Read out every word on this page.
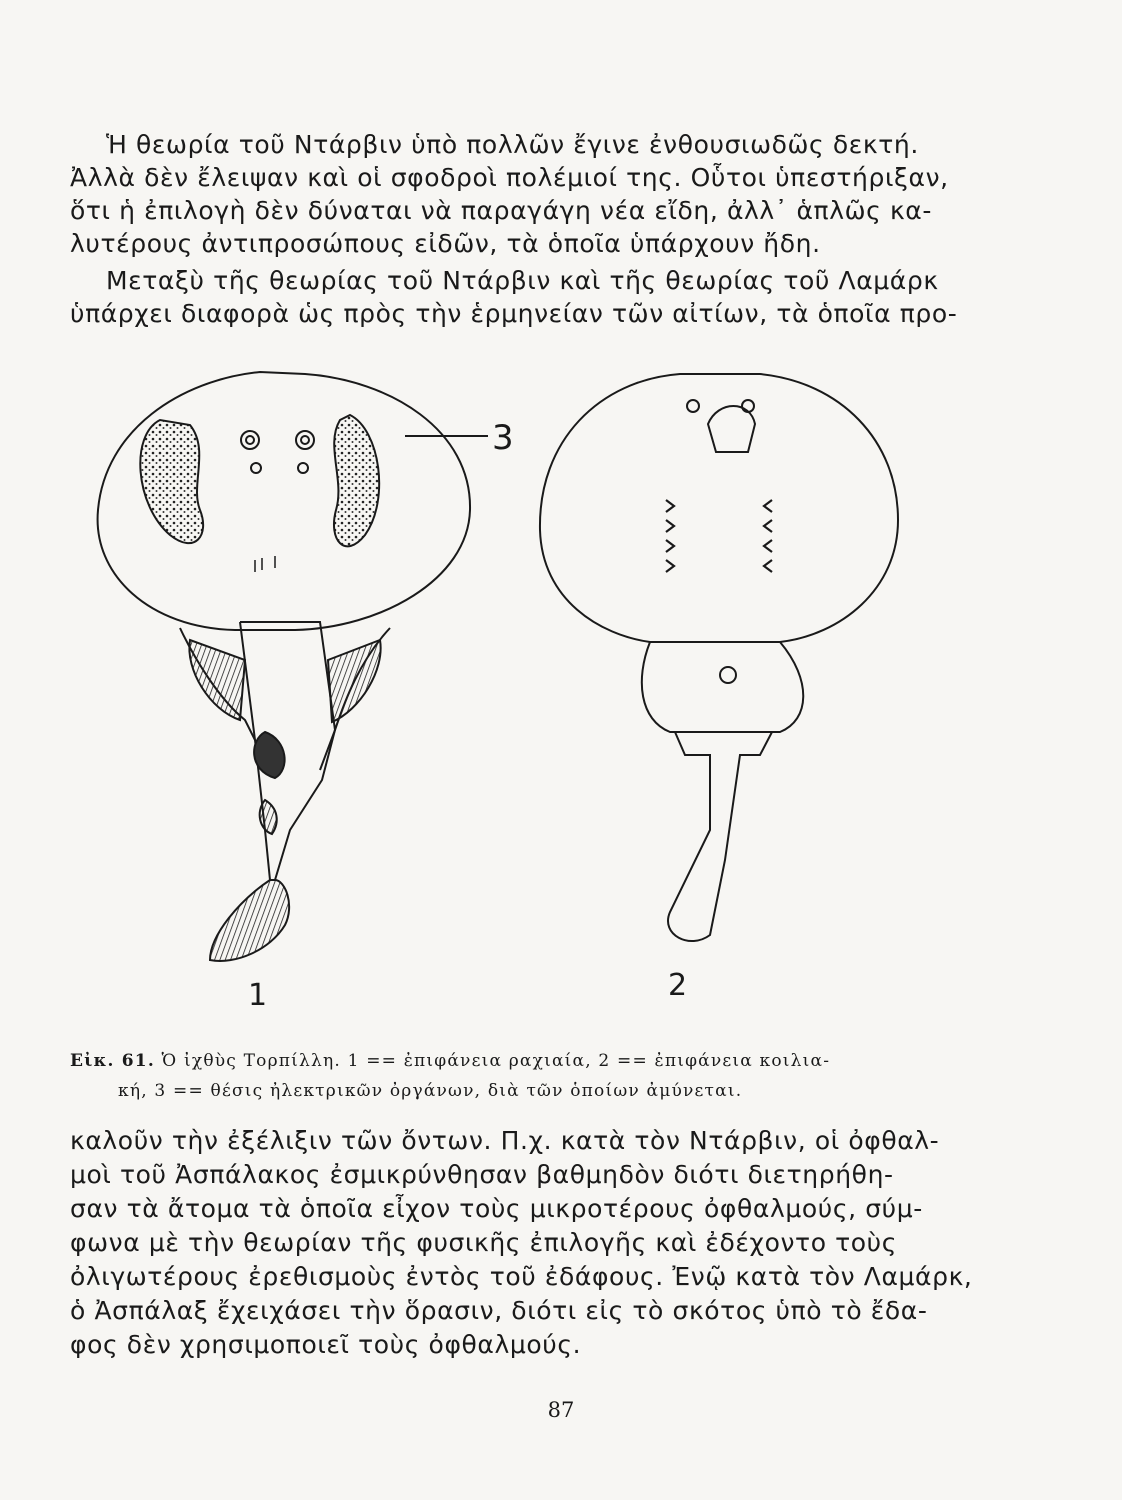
Ἡ θεωρία τοῦ Ντάρβιν ὑπὸ πολλῶν ἔγινε ἐνθουσιωδῶς δεκτή.
Ἀλλὰ δὲν ἔλειψαν καὶ οἱ σφοδροὶ πολέμιοί της. Οὗτοι ὑπεστήριξαν,
ὅτι ἡ ἐπιλογὴ δὲν δύναται νὰ παραγάγη νέα εἴδη, ἀλλ᾽ ἁπλῶς κα-
λυτέρους ἀντιπροσώπους εἰδῶν, τὰ ὁποῖα ὑπάρχουν ἤδη.

Μεταξὺ τῆς θεωρίας τοῦ Ντάρβιν καὶ τῆς θεωρίας τοῦ Λαμάρκ
ὑπάρχει διαφορὰ ὡς πρὸς τὴν ἑρμηνείαν τῶν αἰτίων, τὰ ὁποῖα προ-

1	2
3
Εἰκ. 61. Ὁ ἰχθὺς Τορπίλλη. 1 == ἐπιφάνεια ραχιαία, 2 == ἐπιφάνεια κοιλια-
κή, 3 == θέσις ἠλεκτρικῶν ὀργάνων, διὰ τῶν ὁποίων ἀμύνεται.

καλοῦν τὴν ἐξέλιξιν τῶν ὄντων. Π.χ. κατὰ τὸν Ντάρβιν, οἱ ὀφθαλ-
μοὶ τοῦ Ἀσπάλακος ἐσμικρύνθησαν βαθμηδὸν διότι διετηρήθη-
σαν τὰ ἄτομα τὰ ὁποῖα εἶχον τοὺς μικροτέρους ὀφθαλμούς, σύμ-
φωνα μὲ τὴν θεωρίαν τῆς φυσικῆς ἐπιλογῆς καὶ ἐδέχοντο τοὺς
ὀλιγωτέρους ἐρεθισμοὺς ἐντὸς τοῦ ἐδάφους. Ἐνῷ κατὰ τὸν Λαμάρκ,
ὁ Ἀσπάλαξ ἔχειχάσει τὴν ὅρασιν, διότι εἰς τὸ σκότος ὑπὸ τὸ ἔδα-
φος δὲν χρησιμοποιεῖ τοὺς ὀφθαλμούς.

87
